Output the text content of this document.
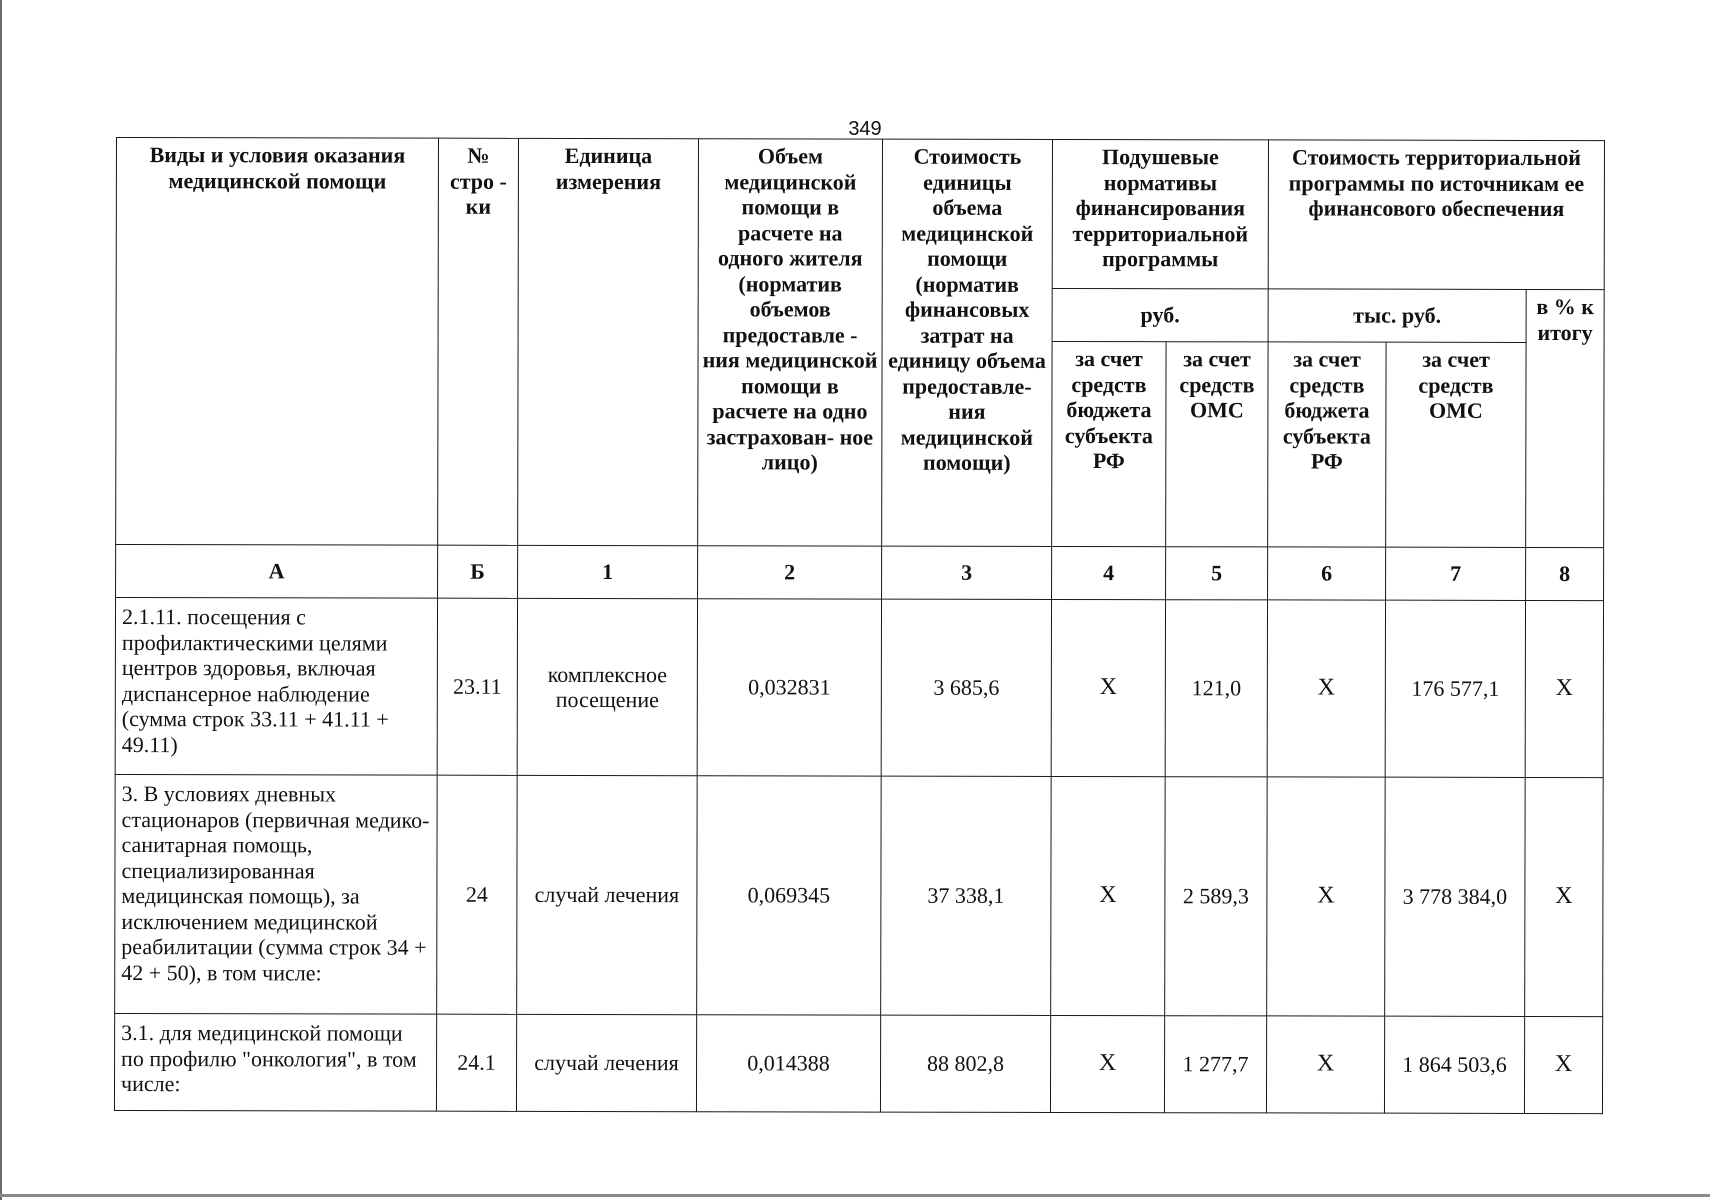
349
Виды и условия оказания медицинской помощи	№ стро - ки	Единица измерения	Объем медицинской помощи в расчете на одного жителя (норматив объемов предоставле - ния медицинской помощи в расчете на одно застрахован- ное лицо)	Стоимость единицы объема медицинской помощи (норматив финансовых затрат на единицу объема предоставле- ния медицинской помощи)	Подушевые нормативы финансирования территориальной программы		Стоимость территориальной программы по источникам ее финансового обеспечения		
					руб.		тыс. руб.		в % к итогу
					за счет средств бюджета субъекта РФ	за счет средств ОМС	за счет средств бюджета субъекта РФ	за счет средств ОМС	
А	Б	1	2	3	4	5	6	7	8
2.1.11. посещения с профилактическими целями центров здоровья, включая диспансерное наблюдение (сумма строк 33.11 + 41.11 + 49.11)	23.11	комплексное посещение	0,032831	3 685,6	Х	121,0	Х	176 577,1	Х
3. В условиях дневных стационаров (первичная медико-санитарная помощь, специализированная медицинская помощь), за исключением медицинской реабилитации (сумма строк 34 + 42 + 50), в том числе:	24	случай лечения	0,069345	37 338,1	Х	2 589,3	Х	3 778 384,0	Х
3.1. для медицинской помощи по профилю "онкология", в том числе:	24.1	случай лечения	0,014388	88 802,8	Х	1 277,7	Х	1 864 503,6	Х
